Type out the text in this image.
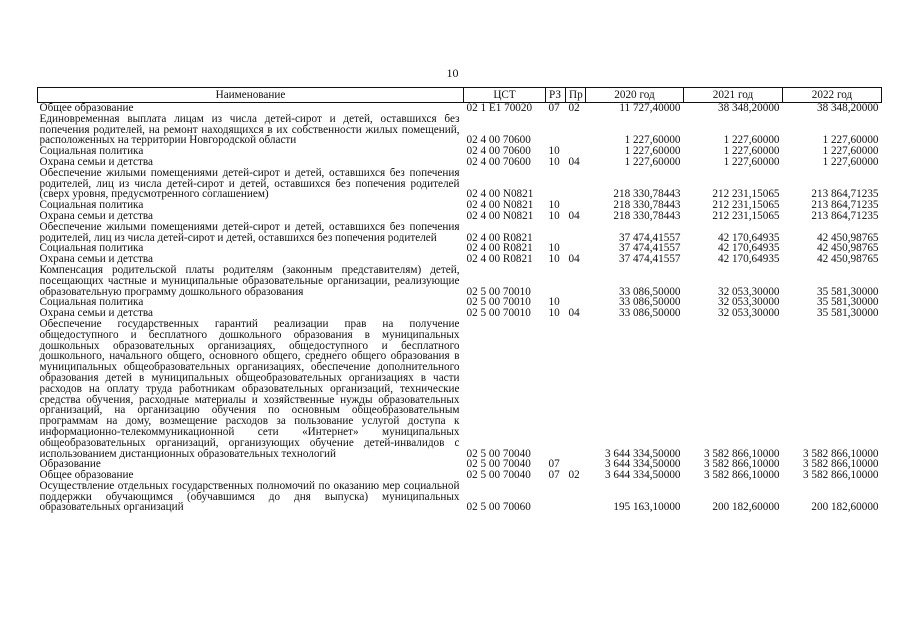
10
Наименование	ЦСТ	РЗ	Пр	2020 год	2021 год	2022 год
Общее образование	02 1 E1 70020	07	02	11 727,40000	38 348,20000	38 348,20000
Единовременная выплата лицам из числа детей-сирот и детей, оставшихся без попечения родителей, на ремонт находящихся в их собственности жилых помещений, расположенных на территории Новгородской области	02 4 00 70600			1 227,60000	1 227,60000	1 227,60000
Социальная политика	02 4 00 70600	10		1 227,60000	1 227,60000	1 227,60000
Охрана семьи и детства	02 4 00 70600	10	04	1 227,60000	1 227,60000	1 227,60000
Обеспечение жилыми помещениями детей-сирот и детей, оставшихся без попечения родителей, лиц из числа детей-сирот и детей, оставшихся без попечения родителей (сверх уровня, предусмотренного соглашением)	02 4 00 N0821			218 330,78443	212 231,15065	213 864,71235
Социальная политика	02 4 00 N0821	10		218 330,78443	212 231,15065	213 864,71235
Охрана семьи и детства	02 4 00 N0821	10	04	218 330,78443	212 231,15065	213 864,71235
Обеспечение жилыми помещениями детей-сирот и детей, оставшихся без попечения родителей, лиц из числа детей-сирот и детей, оставшихся без попечения родителей	02 4 00 R0821			37 474,41557	42 170,64935	42 450,98765
Социальная политика	02 4 00 R0821	10		37 474,41557	42 170,64935	42 450,98765
Охрана семьи и детства	02 4 00 R0821	10	04	37 474,41557	42 170,64935	42 450,98765
Компенсация родительской платы родителям (законным представителям) детей, посещающих частные и муниципальные образовательные организации, реализующие образовательную программу дошкольного образования	02 5 00 70010			33 086,50000	32 053,30000	35 581,30000
Социальная политика	02 5 00 70010	10		33 086,50000	32 053,30000	35 581,30000
Охрана семьи и детства	02 5 00 70010	10	04	33 086,50000	32 053,30000	35 581,30000
Обеспечение государственных гарантий реализации прав на получение общедоступного и бесплатного дошкольного образования в муниципальных дошкольных образовательных организациях, общедоступного и бесплатного дошкольного, начального общего, основного общего, среднего общего образования в муниципальных общеобразовательных организациях, обеспечение дополнительного образования детей в муниципальных общеобразовательных организациях в части расходов на оплату труда работникам образовательных организаций, технические средства обучения, расходные материалы и хозяйственные нужды образовательных организаций, на организацию обучения по основным общеобразовательным программам на дому, возмещение расходов за пользование услугой доступа к информационно-телекоммуникационной сети «Интернет» муниципальных общеобразовательных организаций, организующих обучение детей-инвалидов с использованием дистанционных образовательных технологий	02 5 00 70040			3 644 334,50000	3 582 866,10000	3 582 866,10000
Образование	02 5 00 70040	07		3 644 334,50000	3 582 866,10000	3 582 866,10000
Общее образование	02 5 00 70040	07	02	3 644 334,50000	3 582 866,10000	3 582 866,10000
Осуществление отдельных государственных полномочий по оказанию мер социальной поддержки обучающимся (обучавшимся до дня выпуска) муниципальных образовательных организаций	02 5 00 70060			195 163,10000	200 182,60000	200 182,60000
